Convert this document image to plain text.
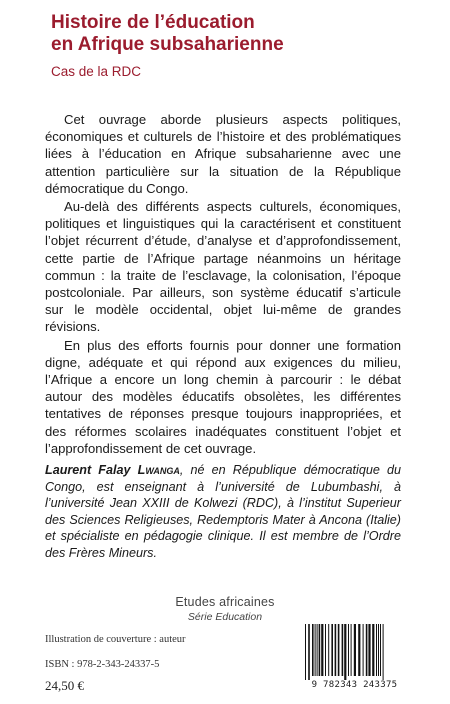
Histoire de l’éducation
en Afrique subsaharienne
Cas de la RDC

Cet ouvrage aborde plusieurs aspects politiques, économiques et culturels de l’histoire et des problématiques liées à l’éducation en Afrique subsaharienne avec une attention particulière sur la situation de la République démocratique du Congo.

Au-delà des différents aspects culturels, économiques, politiques et linguistiques qui la caractérisent et constituent l’objet récurrent d’étude, d’analyse et d’approfondissement, cette partie de l’Afrique partage néanmoins un héritage commun : la traite de l’esclavage, la colonisation, l’époque postcoloniale. Par ailleurs, son système éducatif s’articule sur le modèle occidental, objet lui-même de grandes révisions.

En plus des efforts fournis pour donner une formation digne, adéquate et qui répond aux exigences du milieu, l’Afrique a encore un long chemin à parcourir : le débat autour des modèles éducatifs obsolètes, les différentes tentatives de réponses presque toujours inappropriées, et des réformes scolaires inadéquates constituent l’objet et l’approfondissement de cet ouvrage.

Laurent Falay Lwanga, né en République démocratique du Congo, est enseignant à l’université de Lubumbashi, à l’université Jean XXIII de Kolwezi (RDC), à l’institut Superieur des Sciences Religieuses, Redemptoris Mater à Ancona (Italie) et spécialiste en pédagogie clinique. Il est membre de l’Ordre des Frères Mineurs.
Etudes africaines
Série Education
Illustration de couverture : auteur
ISBN : 978-2-343-24337-5
24,50 €	9 782343 243375
